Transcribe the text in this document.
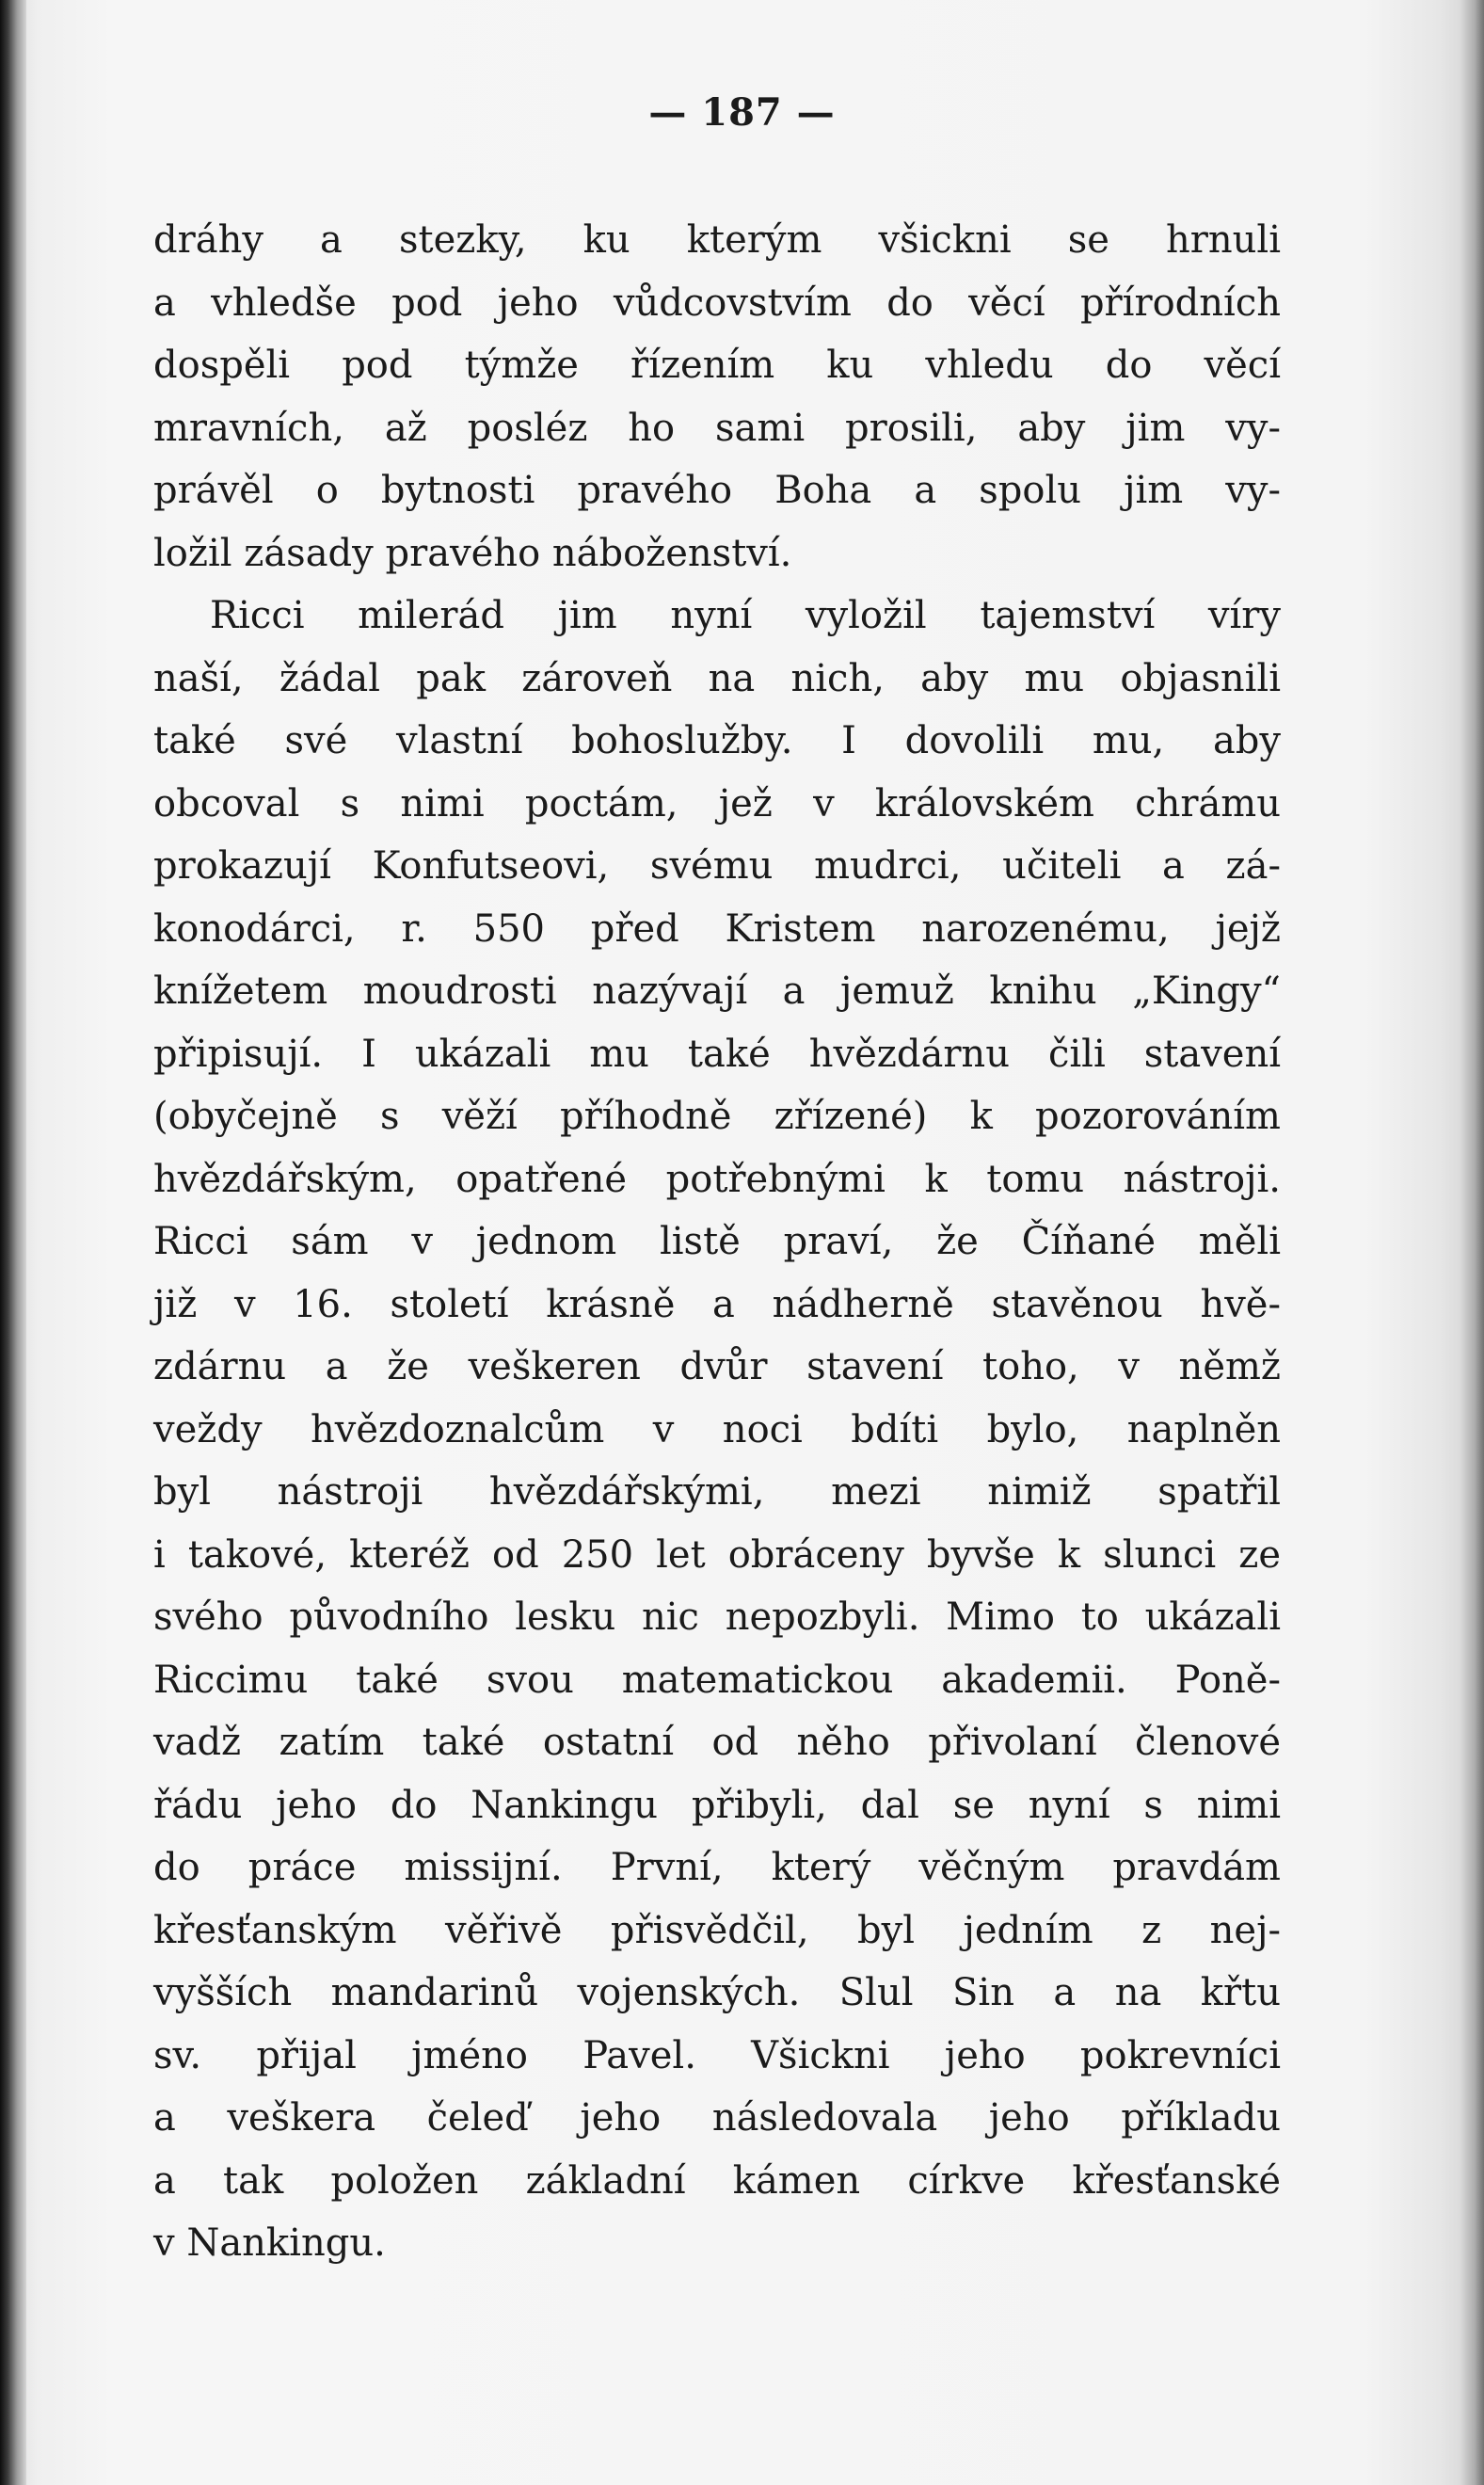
— 187 —
dráhy a stezky, ku kterým všickni se hrnuli
a vhledše pod jeho vůdcovstvím do věcí přírodních
dospěli pod týmže řízením ku vhledu do věcí
mravních, až posléz ho sami prosili, aby jim vy-
právěl o bytnosti pravého Boha a spolu jim vy-
ložil zásady pravého náboženství.
Ricci milerád jim nyní vyložil tajemství víry
naší, žádal pak zároveň na nich, aby mu objasnili
také své vlastní bohoslužby. I dovolili mu, aby
obcoval s nimi poctám, jež v královském chrámu
prokazují Konfutseovi, svému mudrci, učiteli a zá-
konodárci, r. 550 před Kristem narozenému, jejž
knížetem moudrosti nazývají a jemuž knihu „Kingy“
připisují. I ukázali mu také hvězdárnu čili stavení
(obyčejně s věží příhodně zřízené) k pozorováním
hvězdářským, opatřené potřebnými k tomu nástroji.
Ricci sám v jednom listě praví, že Číňané měli
již v 16. století krásně a nádherně stavěnou hvě-
zdárnu a že veškeren dvůr stavení toho, v němž
veždy hvězdoznalcům v noci bdíti bylo, naplněn
byl nástroji hvězdářskými, mezi nimiž spatřil
i takové, kteréž od 250 let obráceny byvše k slunci ze
svého původního lesku nic nepozbyli. Mimo to ukázali
Riccimu také svou matematickou akademii. Poně-
vadž zatím také ostatní od něho přivolaní členové
řádu jeho do Nankingu přibyli, dal se nyní s nimi
do práce missijní. První, který věčným pravdám
křesťanským věřivě přisvědčil, byl jedním z nej-
vyšších mandarinů vojenských. Slul Sin a na křtu
sv. přijal jméno Pavel. Všickni jeho pokrevníci
a veškera čeleď jeho následovala jeho příkladu
a tak položen základní kámen církve křesťanské
v Nankingu.
